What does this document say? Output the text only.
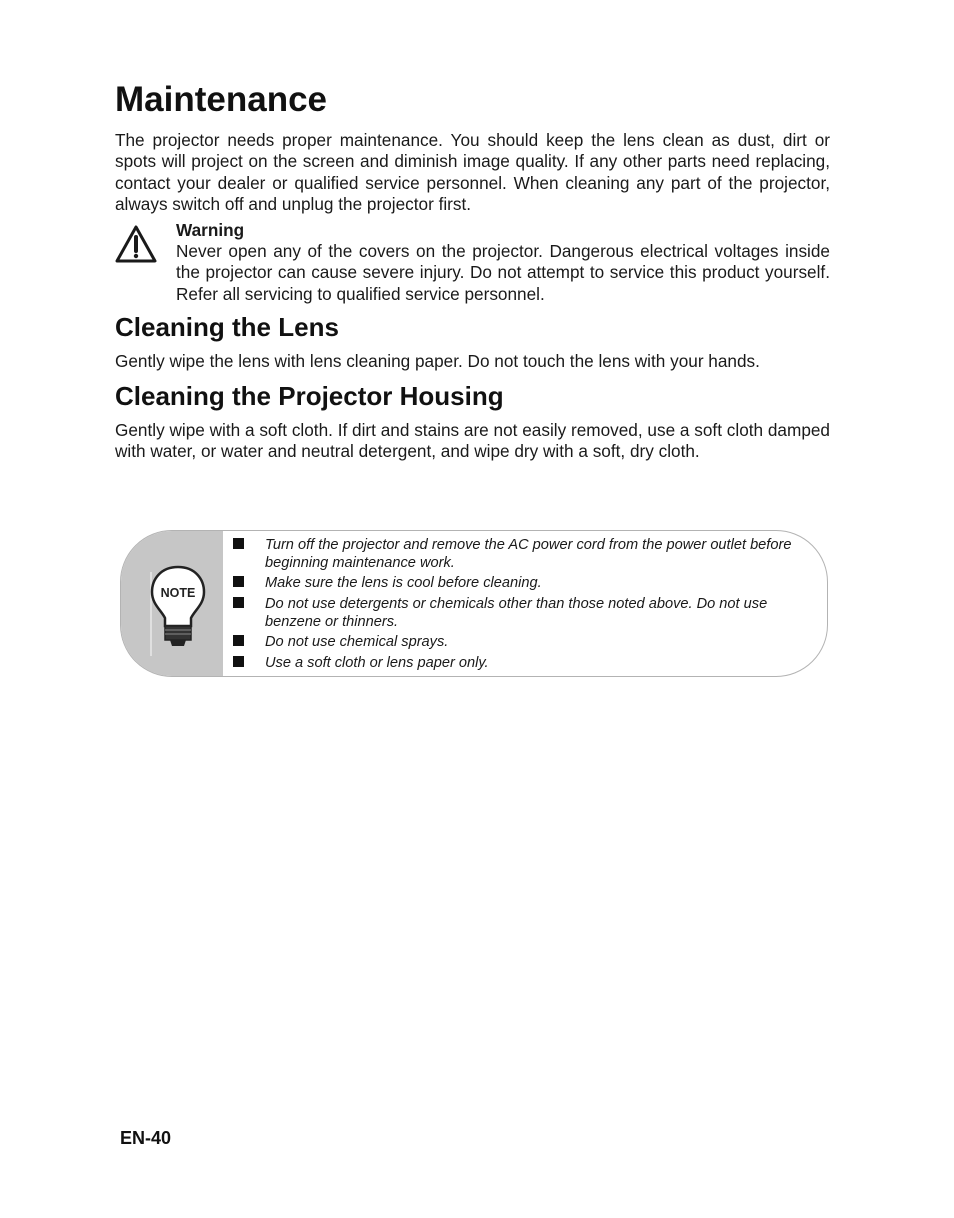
Maintenance

The projector needs proper maintenance. You should keep the lens clean as dust, dirt or spots will project on the screen and diminish image quality. If any other parts need replacing, contact your dealer or qualified service personnel. When cleaning any part of the projector, always switch off and unplug the projector first.

Warning

Never open any of the covers on the projector. Dangerous electrical voltages inside the projector can cause severe injury. Do not attempt to service this product yourself. Refer all servicing to qualified service personnel.

Cleaning the Lens

Gently wipe the lens with lens cleaning paper. Do not touch the lens with your hands.

Cleaning the Projector Housing

Gently wipe with a soft cloth. If dirt and stains are not easily removed, use a soft cloth damped with water, or water and neutral detergent, and wipe dry with a soft, dry cloth.

NOTE
Turn off the projector and remove the AC power cord from the power outlet before beginning maintenance work.
Make sure the lens is cool before cleaning.
Do not use detergents or chemicals other than those noted above. Do not use benzene or thinners.
Do not use chemical sprays.
Use a soft cloth or lens paper only.

EN-40
